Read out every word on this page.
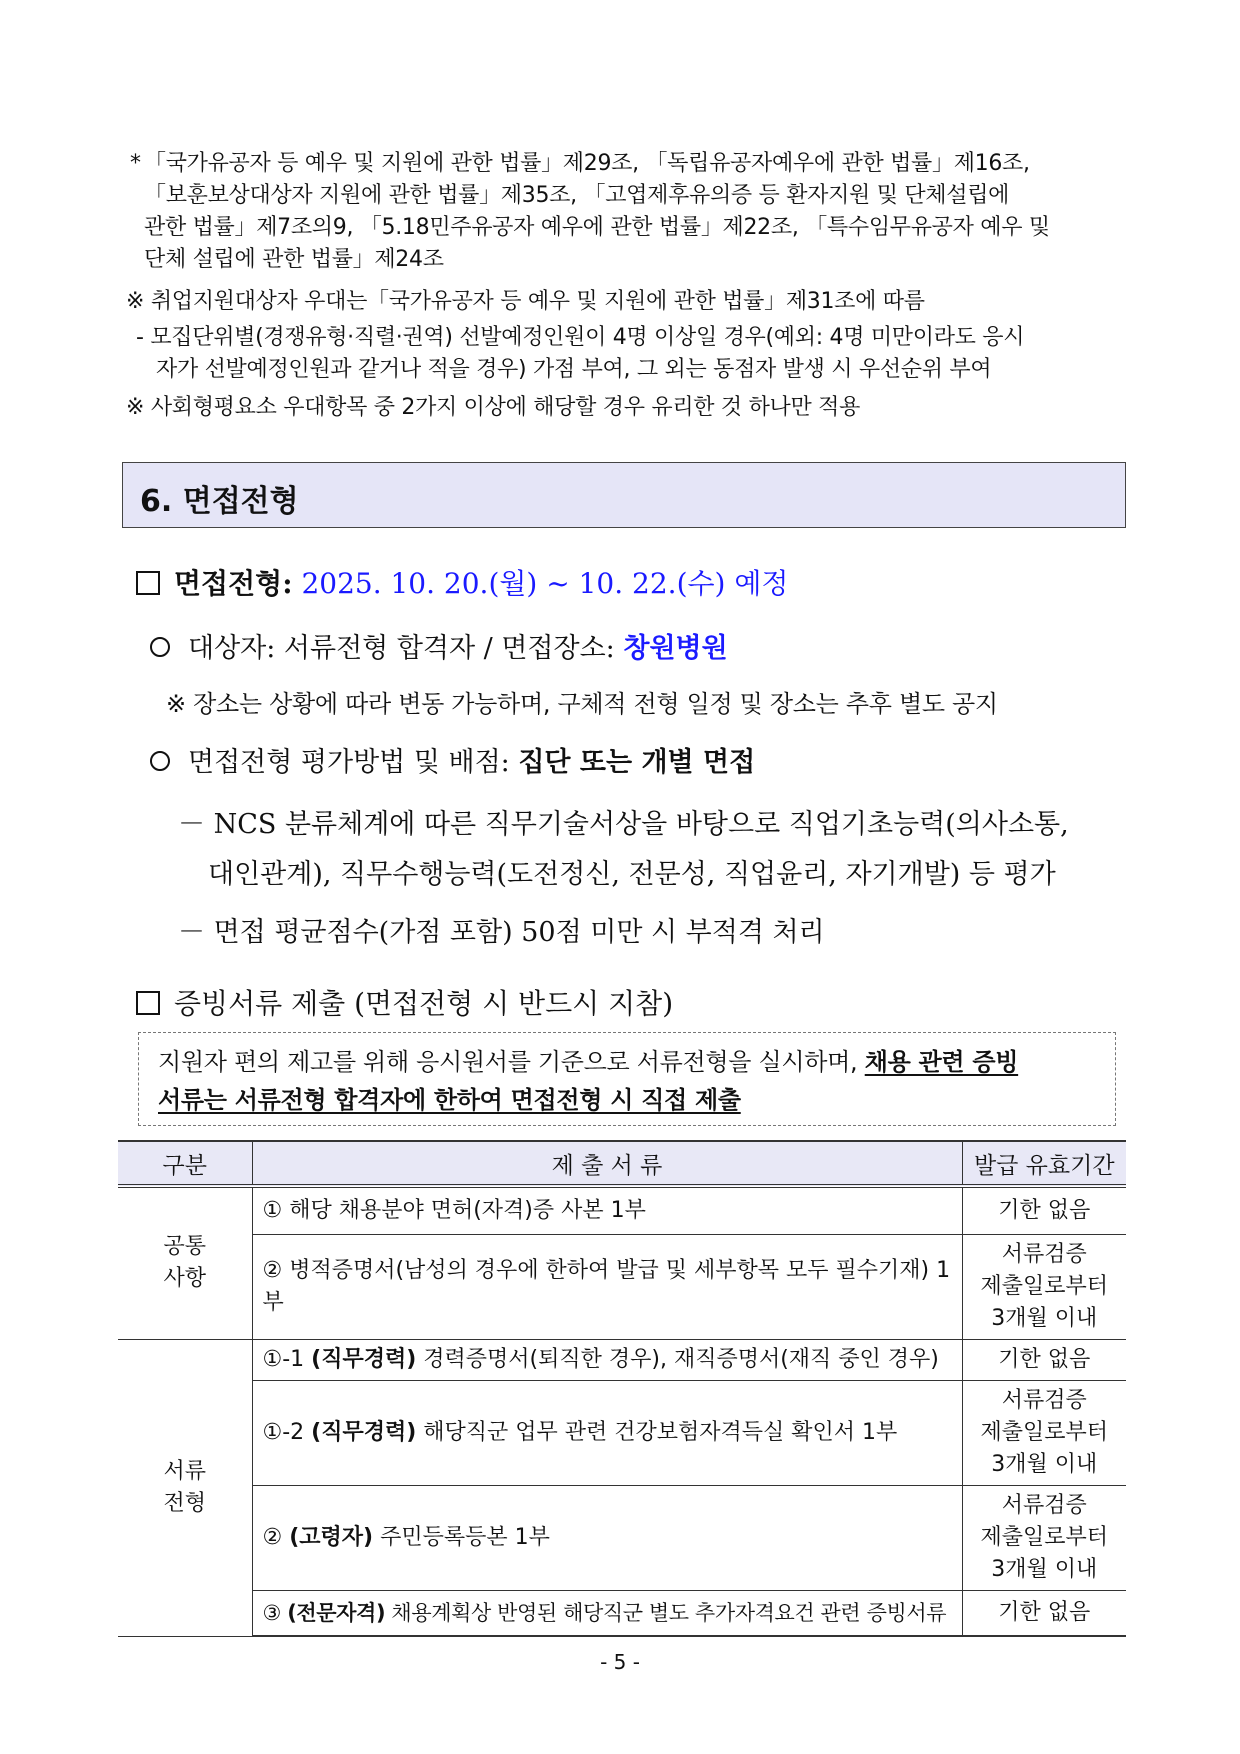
* 「국가유공자 등 예우 및 지원에 관한 법률」제29조, 「독립유공자예우에 관한 법률」제16조,
「보훈보상대상자 지원에 관한 법률」제35조, 「고엽제후유의증 등 환자지원 및 단체설립에
관한 법률」제7조의9, 「5.18민주유공자 예우에 관한 법률」제22조, 「특수임무유공자 예우 및
단체 설립에 관한 법률」제24조
※ 취업지원대상자 우대는「국가유공자 등 예우 및 지원에 관한 법률」제31조에 따름
- 모집단위별(경쟁유형·직렬·권역) 선발예정인원이 4명 이상일 경우(예외: 4명 미만이라도 응시
자가 선발예정인원과 같거나 적을 경우) 가점 부여, 그 외는 동점자 발생 시 우선순위 부여
※ 사회형평요소 우대항목 중 2가지 이상에 해당할 경우 유리한 것 하나만 적용
6. 면접전형
면접전형: 2025. 10. 20.(월) ~ 10. 22.(수) 예정
대상자: 서류전형 합격자 / 면접장소: 창원병원
※ 장소는 상황에 따라 변동 가능하며, 구체적 전형 일정 및 장소는 추후 별도 공지
면접전형 평가방법 및 배점: 집단 또는 개별 면접
－ NCS 분류체계에 따른 직무기술서상을 바탕으로 직업기초능력(의사소통,
대인관계), 직무수행능력(도전정신, 전문성, 직업윤리, 자기개발) 등 평가
－ 면접 평균점수(가점 포함) 50점 미만 시 부적격 처리
증빙서류 제출 (면접전형 시 반드시 지참)
지원자 편의 제고를 위해 응시원서를 기준으로 서류전형을 실시하며, 채용 관련 증빙
서류는 서류전형 합격자에 한하여 면접전형 시 직접 제출
구분	제 출 서 류	발급 유효기간

공통
사항	① 해당 채용분야 면허(자격)증 사본 1부	기한 없음
	② 병적증명서(남성의 경우에 한하여 발급 및 세부항목 모두 필수기재) 1부	서류검증
제출일로부터
3개월 이내

서류
전형	①-1 (직무경력) 경력증명서(퇴직한 경우), 재직증명서(재직 중인 경우)	기한 없음
	①-2 (직무경력) 해당직군 업무 관련 건강보험자격득실 확인서 1부	서류검증
제출일로부터
3개월 이내
	② (고령자) 주민등록등본 1부	서류검증
제출일로부터
3개월 이내
	③ (전문자격) 채용계획상 반영된 해당직군 별도 추가자격요건 관련 증빙서류	기한 없음
- 5 -
